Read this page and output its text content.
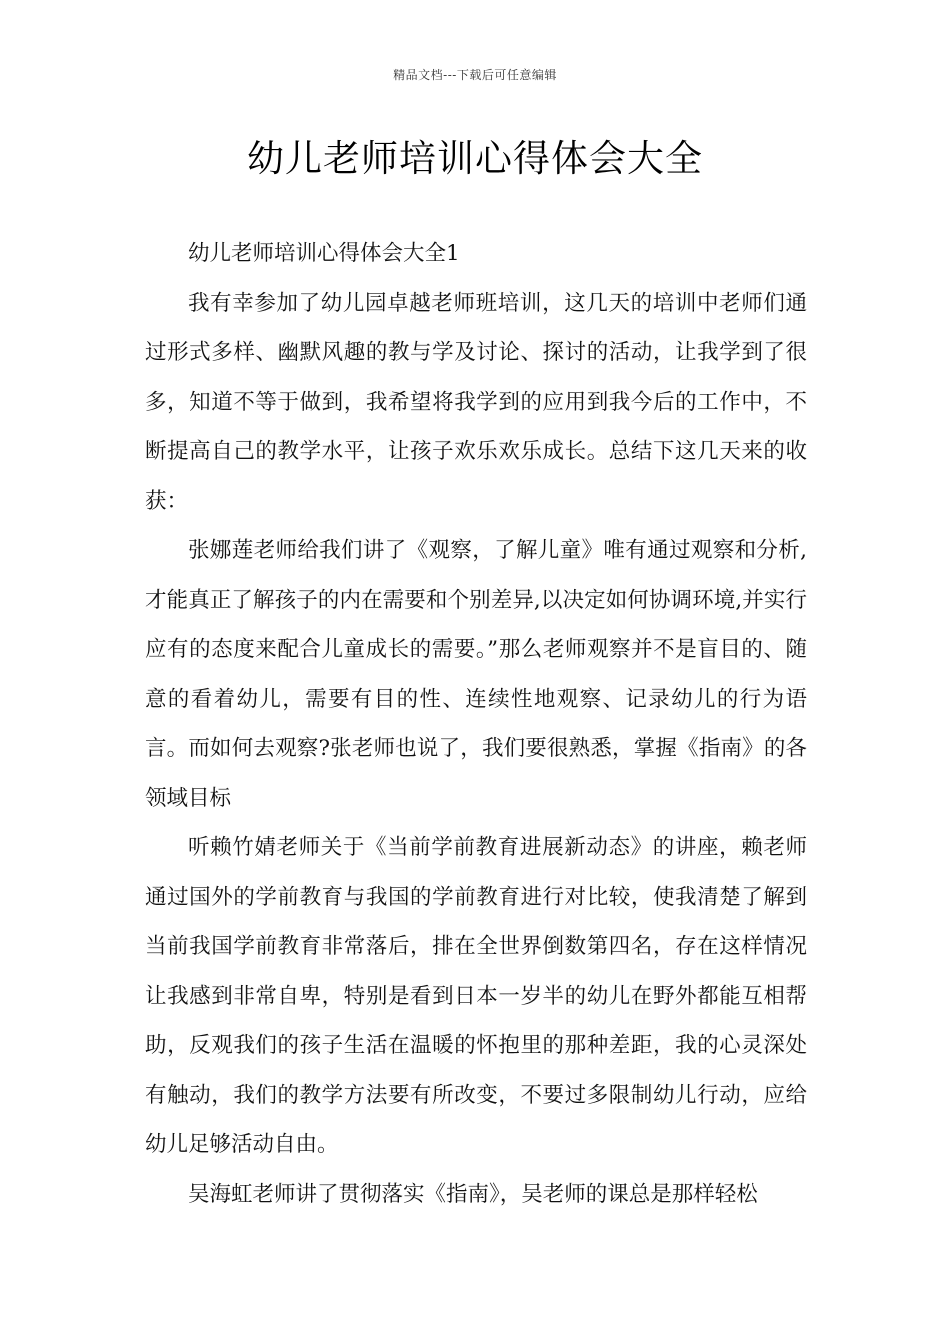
精品文档---下载后可任意编辑
幼儿老师培训心得体会大全

幼儿老师培训心得体会大全1

我有幸参加了幼儿园卓越老师班培训，这几天的培训中老师们通过形式多样、幽默风趣的教与学及讨论、探讨的活动，让我学到了很多，知道不等于做到，我希望将我学到的应用到我今后的工作中，不断提高自己的教学水平，让孩子欢乐欢乐成长。总结下这几天来的收获：

张娜莲老师给我们讲了《观察，了解儿童》唯有通过观察和分析,才能真正了解孩子的内在需要和个别差异,以决定如何协调环境,并实行应有的态度来配合儿童成长的需要。”那么老师观察并不是盲目的、随意的看着幼儿，需要有目的性、连续性地观察、记录幼儿的行为语言。而如何去观察?张老师也说了，我们要很熟悉，掌握《指南》的各领域目标

听赖竹婧老师关于《当前学前教育进展新动态》的讲座，赖老师通过国外的学前教育与我国的学前教育进行对比较，使我清楚了解到当前我国学前教育非常落后，排在全世界倒数第四名，存在这样情况让我感到非常自卑，特别是看到日本一岁半的幼儿在野外都能互相帮助，反观我们的孩子生活在温暖的怀抱里的那种差距，我的心灵深处有触动，我们的教学方法要有所改变，不要过多限制幼儿行动，应给幼儿足够活动自由。

吴海虹老师讲了贯彻落实《指南》，吴老师的课总是那样轻松
